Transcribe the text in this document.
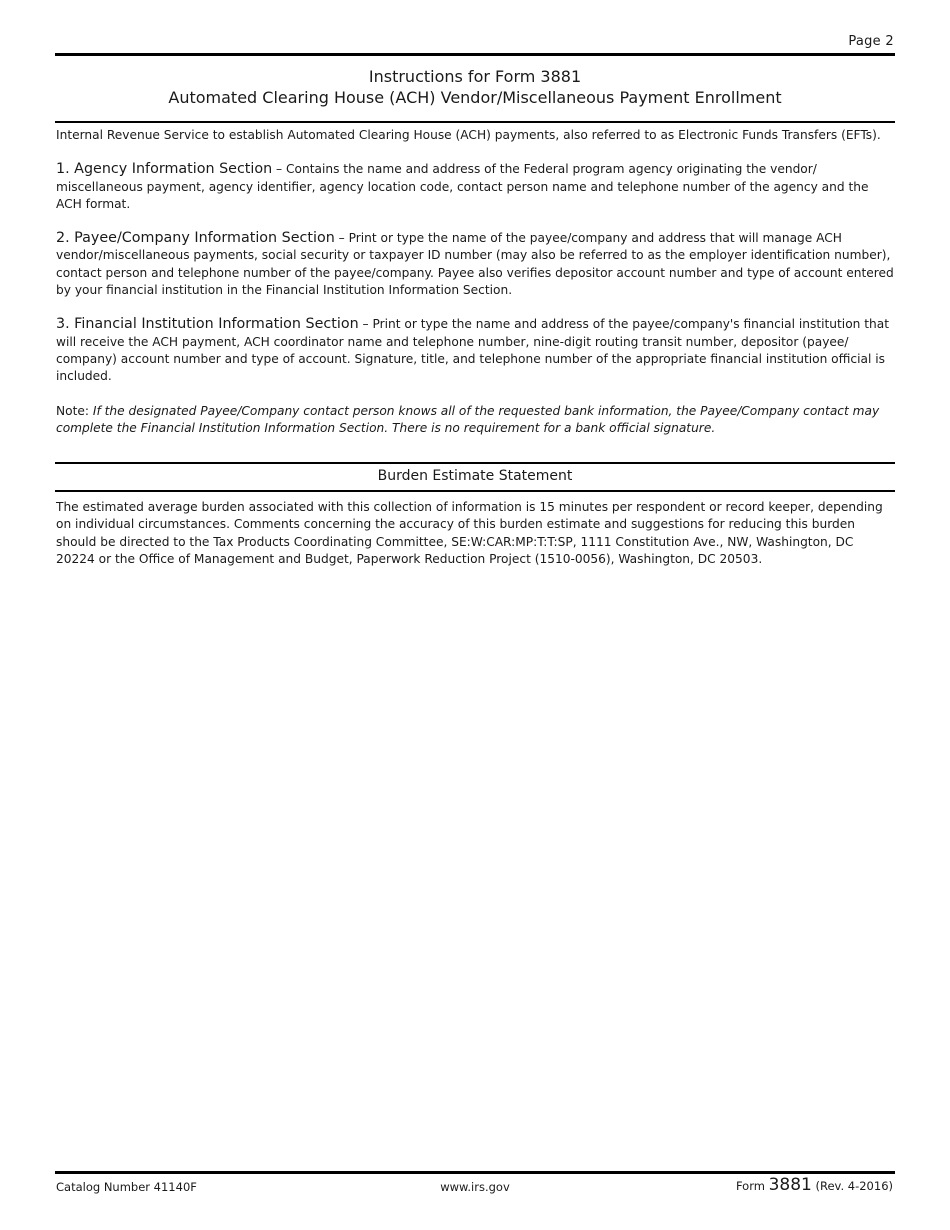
Page 2
Instructions for Form 3881
Automated Clearing House (ACH) Vendor/Miscellaneous Payment Enrollment

Internal Revenue Service to establish Automated Clearing House (ACH) payments, also referred to as Electronic Funds Transfers (EFTs).

1. Agency Information Section – Contains the name and address of the Federal program agency originating the vendor/ miscellaneous payment, agency identifier, agency location code, contact person name and telephone number of the agency and the ACH format.

2. Payee/Company Information Section – Print or type the name of the payee/company and address that will manage ACH vendor/miscellaneous payments, social security or taxpayer ID number (may also be referred to as the employer identification number), contact person and telephone number of the payee/company. Payee also verifies depositor account number and type of account entered by your financial institution in the Financial Institution Information Section.

3. Financial Institution Information Section – Print or type the name and address of the payee/company's financial institution that will receive the ACH payment, ACH coordinator name and telephone number, nine-digit routing transit number, depositor (payee/ company) account number and type of account. Signature, title, and telephone number of the appropriate financial institution official is included.

Note: If the designated Payee/Company contact person knows all of the requested bank information, the Payee/Company contact may complete the Financial Institution Information Section. There is no requirement for a bank official signature.

Burden Estimate Statement

The estimated average burden associated with this collection of information is 15 minutes per respondent or record keeper, depending on individual circumstances. Comments concerning the accuracy of this burden estimate and suggestions for reducing this burden should be directed to the Tax Products Coordinating Committee, SE:W:CAR:MP:T:T:SP, 1111 Constitution Ave., NW, Washington, DC 20224 or the Office of Management and Budget, Paperwork Reduction Project (1510-0056), Washington, DC 20503.

Catalog Number 41140F	www.irs.gov	Form 3881 (Rev. 4-2016)
